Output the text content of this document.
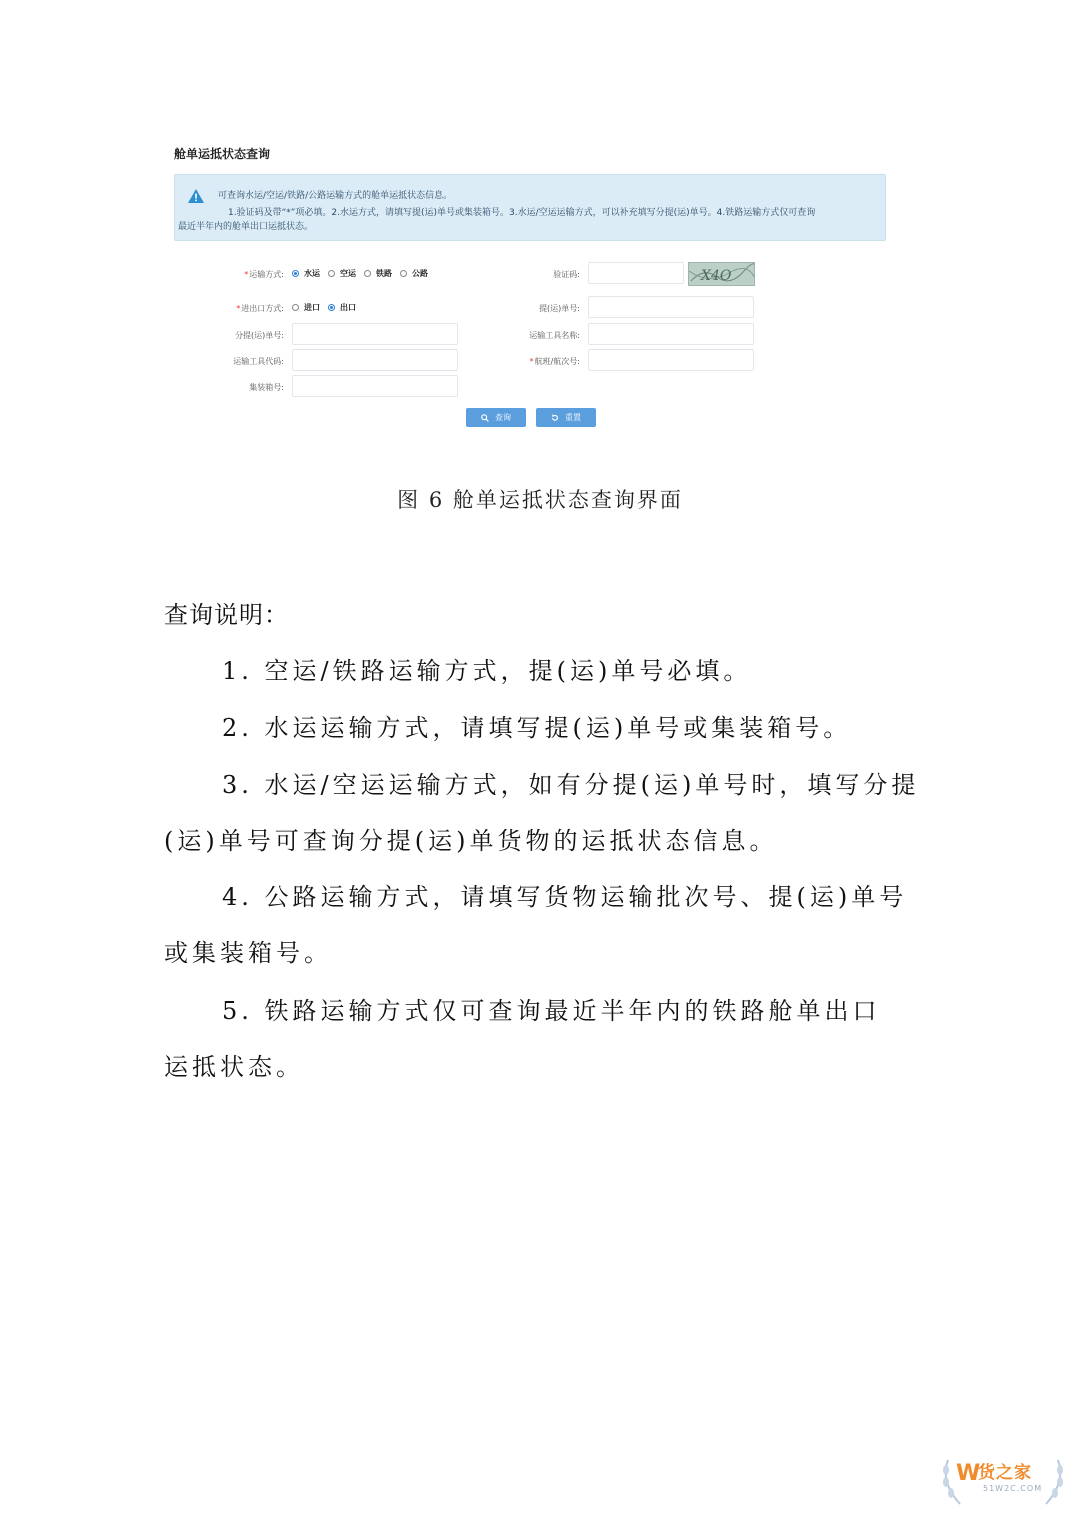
舱单运抵状态查询
可查询水运/空运/铁路/公路运输方式的舱单运抵状态信息。
1.验证码及带“*”项必填。2.水运方式，请填写提(运)单号或集装箱号。3.水运/空运运输方式，可以补充填写分提(运)单号。4.铁路运输方式仅可查询
最近半年内的舱单出口运抵状态。
*运输方式:	水运	空运	铁路	公路	验证码:	X4O
*进出口方式:	进口	出口	提(运)单号:
分提(运)单号:	运输工具名称:
运输工具代码:	*航班/航次号:
集装箱号:
查询	重置
图 6 舱单运抵状态查询界面
查询说明：
1. 空运/铁路运输方式，提(运)单号必填。
2. 水运运输方式，请填写提(运)单号或集装箱号。
3. 水运/空运运输方式，如有分提(运)单号时，填写分提
(运)单号可查询分提(运)单货物的运抵状态信息。
4. 公路运输方式，请填写货物运输批次号、提(运)单号
或集装箱号。
5. 铁路运输方式仅可查询最近半年内的铁路舱单出口
运抵状态。
W
货之家
51W2C.COM
